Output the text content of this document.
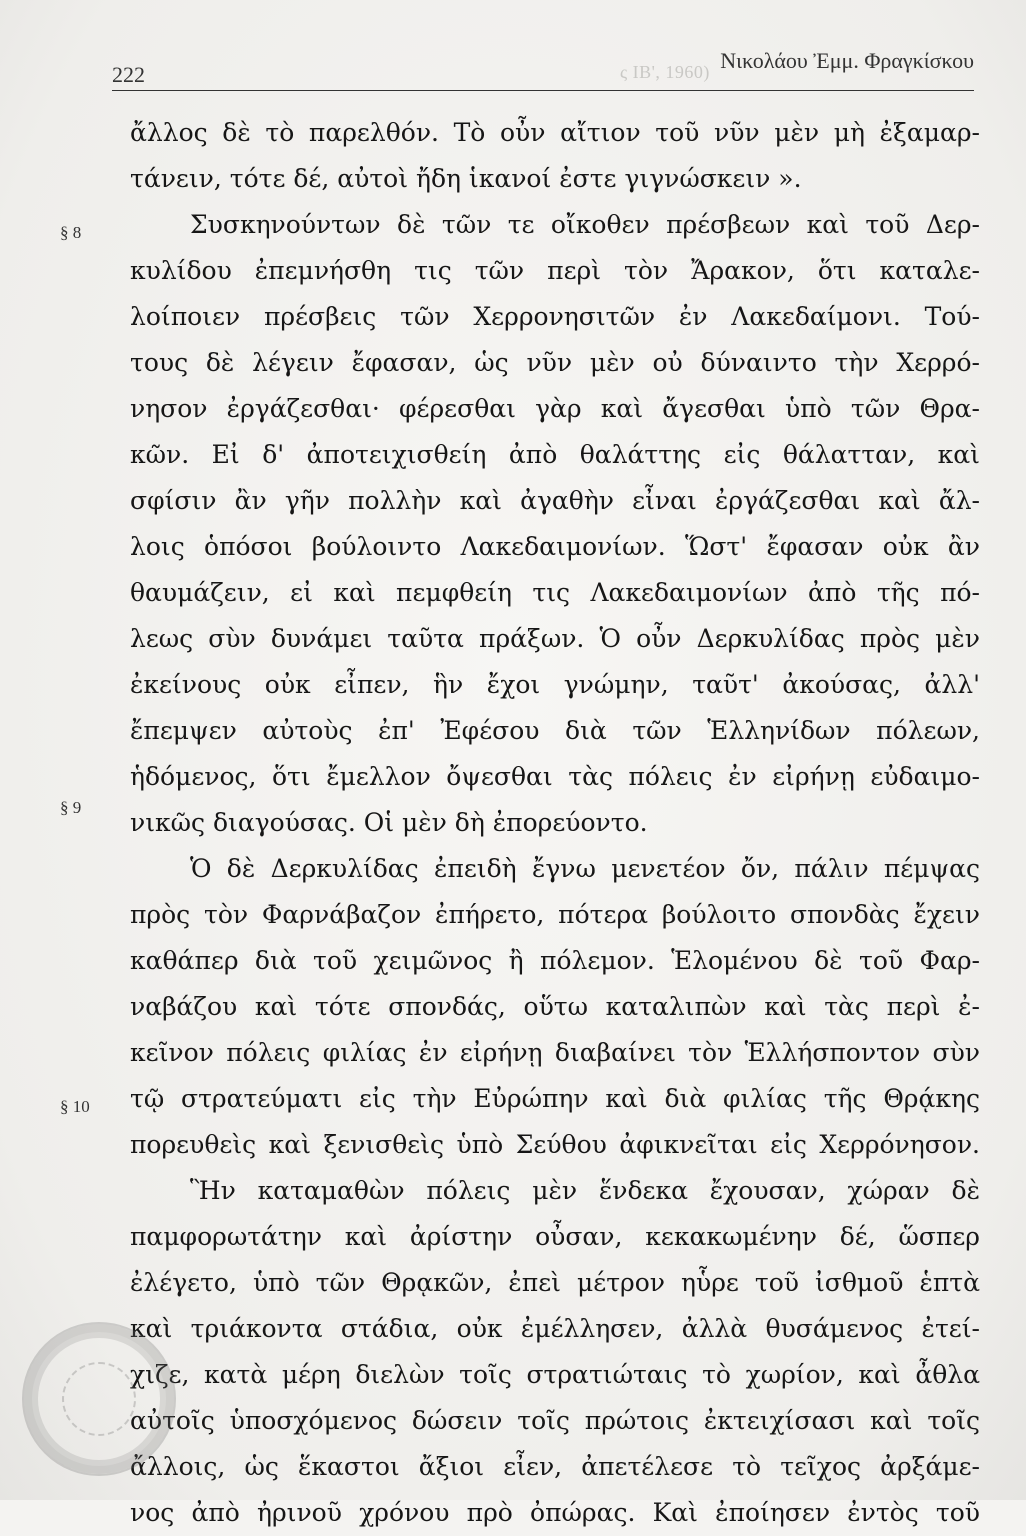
ς ΙΒ', 1960)
222
Νικολάου Ἐμμ. Φραγκίσκου
§ 8
§ 9
§ 10
ἄλλος δὲ τὸ παρελθόν. Τὸ οὖν αἴτιον τοῦ νῦν μὲν μὴ ἐξαμαρ-
τάνειν, τότε δέ, αὐτοὶ ἤδη ἱκανοί ἐστε γιγνώσκειν ».
Συσκηνούντων δὲ τῶν τε οἴκοθεν πρέσβεων καὶ τοῦ Δερ-
κυλίδου ἐπεμνήσθη τις τῶν περὶ τὸν Ἄρακον, ὅτι καταλε-
λοίποιεν πρέσβεις τῶν Χερρονησιτῶν ἐν Λακεδαίμονι. Τού-
τους δὲ λέγειν ἔφασαν, ὡς νῦν μὲν οὐ δύναιντο τὴν Χερρό-
νησον ἐργάζεσθαι· φέρεσθαι γὰρ καὶ ἄγεσθαι ὑπὸ τῶν Θρα-
κῶν. Εἰ δ' ἀποτειχισθείη ἀπὸ θαλάττης εἰς θάλατταν, καὶ
σφίσιν ἂν γῆν πολλὴν καὶ ἀγαθὴν εἶναι ἐργάζεσθαι καὶ ἄλ-
λοις ὁπόσοι βούλοιντο Λακεδαιμονίων. Ὥστ' ἔφασαν οὐκ ἂν
θαυμάζειν, εἰ καὶ πεμφθείη τις Λακεδαιμονίων ἀπὸ τῆς πό-
λεως σὺν δυνάμει ταῦτα πράξων. Ὁ οὖν Δερκυλίδας πρὸς μὲν
ἐκείνους οὐκ εἶπεν, ἣν ἔχοι γνώμην, ταῦτ' ἀκούσας, ἀλλ'
ἔπεμψεν αὐτοὺς ἐπ' Ἐφέσου διὰ τῶν Ἑλληνίδων πόλεων,
ἡδόμενος, ὅτι ἔμελλον ὄψεσθαι τὰς πόλεις ἐν εἰρήνῃ εὐδαιμο-
νικῶς διαγούσας. Οἱ μὲν δὴ ἐπορεύοντο.
Ὁ δὲ Δερκυλίδας ἐπειδὴ ἔγνω μενετέον ὄν, πάλιν πέμψας
πρὸς τὸν Φαρνάβαζον ἐπήρετο, πότερα βούλοιτο σπονδὰς ἔχειν
καθάπερ διὰ τοῦ χειμῶνος ἢ πόλεμον. Ἑλομένου δὲ τοῦ Φαρ-
ναβάζου καὶ τότε σπονδάς, οὕτω καταλιπὼν καὶ τὰς περὶ ἐ-
κεῖνον πόλεις φιλίας ἐν εἰρήνῃ διαβαίνει τὸν Ἑλλήσποντον σὺν
τῷ στρατεύματι εἰς τὴν Εὐρώπην καὶ διὰ φιλίας τῆς Θρᾴκης
πορευθεὶς καὶ ξενισθεὶς ὑπὸ Σεύθου ἀφικνεῖται εἰς Χερρόνησον.
Ἣν καταμαθὼν πόλεις μὲν ἕνδεκα ἔχουσαν, χώραν δὲ
παμφορωτάτην καὶ ἀρίστην οὖσαν, κεκακωμένην δέ, ὥσπερ
ἐλέγετο, ὑπὸ τῶν Θρᾳκῶν, ἐπεὶ μέτρον ηὗρε τοῦ ἰσθμοῦ ἑπτὰ
καὶ τριάκοντα στάδια, οὐκ ἐμέλλησεν, ἀλλὰ θυσάμενος ἐτεί-
χιζε, κατὰ μέρη διελὼν τοῖς στρατιώταις τὸ χωρίον, καὶ ἆθλα
αὐτοῖς ὑποσχόμενος δώσειν τοῖς πρώτοις ἐκτειχίσασι καὶ τοῖς
ἄλλοις, ὡς ἕκαστοι ἄξιοι εἶεν, ἀπετέλεσε τὸ τεῖχος ἀρξάμε-
νος ἀπὸ ἠρινοῦ χρόνου πρὸ ὀπώρας. Καὶ ἐποίησεν ἐντὸς τοῦ
